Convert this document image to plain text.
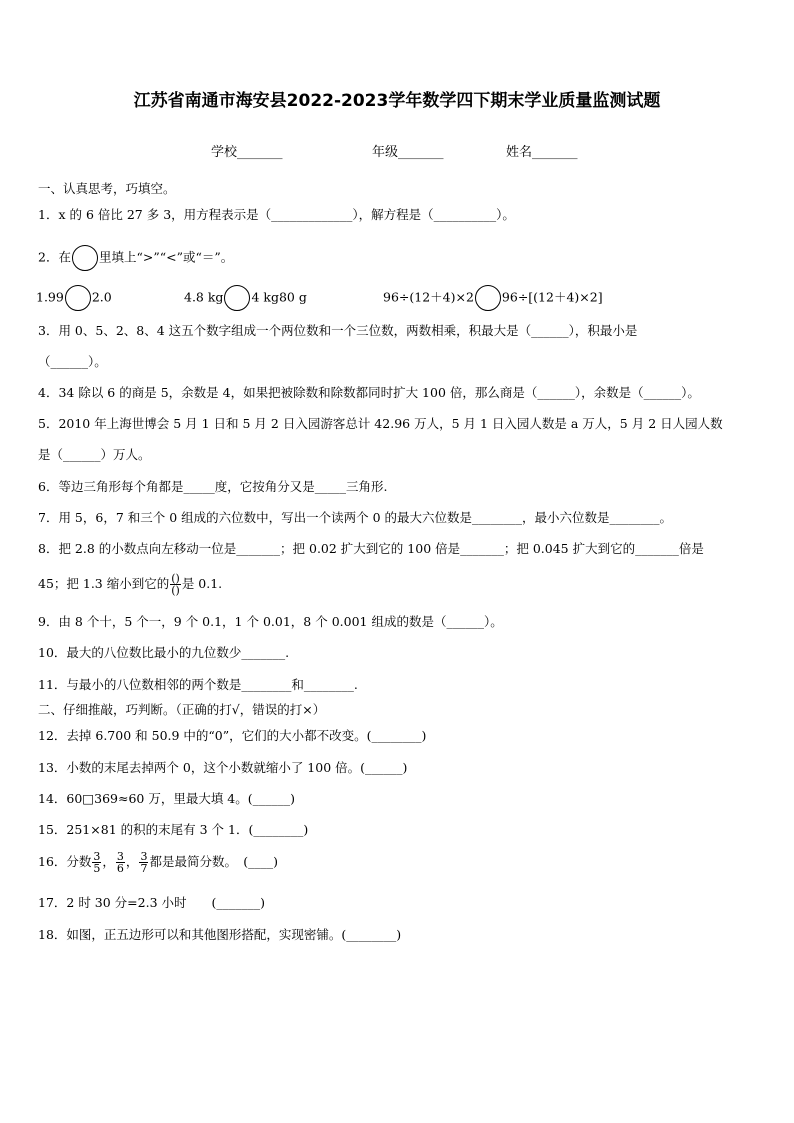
江苏省南通市海安县2022-2023学年数学四下期末学业质量监测试题
学校_______	年级_______	姓名_______
一、认真思考，巧填空。
1．x 的 6 倍比 27 多 3，用方程表示是（_____________），解方程是（__________）。
2．在 里填上“>”“<”或“＝”。
1.99 2.0	4.8 kg 4 kg80 g	96÷(12＋4)×2 96÷[(12＋4)×2]
3．用 0、5、2、8、4 这五个数字组成一个两位数和一个三位数，两数相乘，积最大是（______），积最小是
（______）。
4．34 除以 6 的商是 5，余数是 4，如果把被除数和除数都同时扩大 100 倍，那么商是（______），余数是（______）。
5．2010 年上海世博会 5 月 1 日和 5 月 2 日入园游客总计 42.96 万人，5 月 1 日入园人数是 a 万人，5 月 2 日人园人数
是（______）万人。
6．等边三角形每个角都是_____度，它按角分又是_____三角形.
7．用 5，6，7 和三个 0 组成的六位数中，写出一个读两个 0 的最大六位数是________，最小六位数是________。
8．把 2.8 的小数点向左移动一位是_______；把 0.02 扩大到它的 100 倍是_______；把 0.045 扩大到它的_______倍是
45；把 1.3 缩小到它的 $\frac{()}{()}$ 是 0.1.
9．由 8 个十，5 个一，9 个 0.1，1 个 0.01，8 个 0.001 组成的数是（______）。
10．最大的八位数比最小的九位数少_______.
11．与最小的八位数相邻的两个数是________和________.
二、仔细推敲，巧判断。（正确的打√，错误的打×）
12．去掉 6.700 和 50.9 中的“0”，它们的大小都不改变。(________)
13．小数的末尾去掉两个 0，这个小数就缩小了 100 倍。(______)
14．60□369≈60 万，里最大填 4。(______)
15．251×81 的积的末尾有 3 个 1．(________)
16．分数 $\frac{3}{5}$ ， $\frac{3}{6}$ ， $\frac{3}{7}$ 都是最简分数。　(____)
17．2 时 30 分=2.3 小时　　(_______)
18．如图，正五边形可以和其他图形搭配，实现密铺。(________)
